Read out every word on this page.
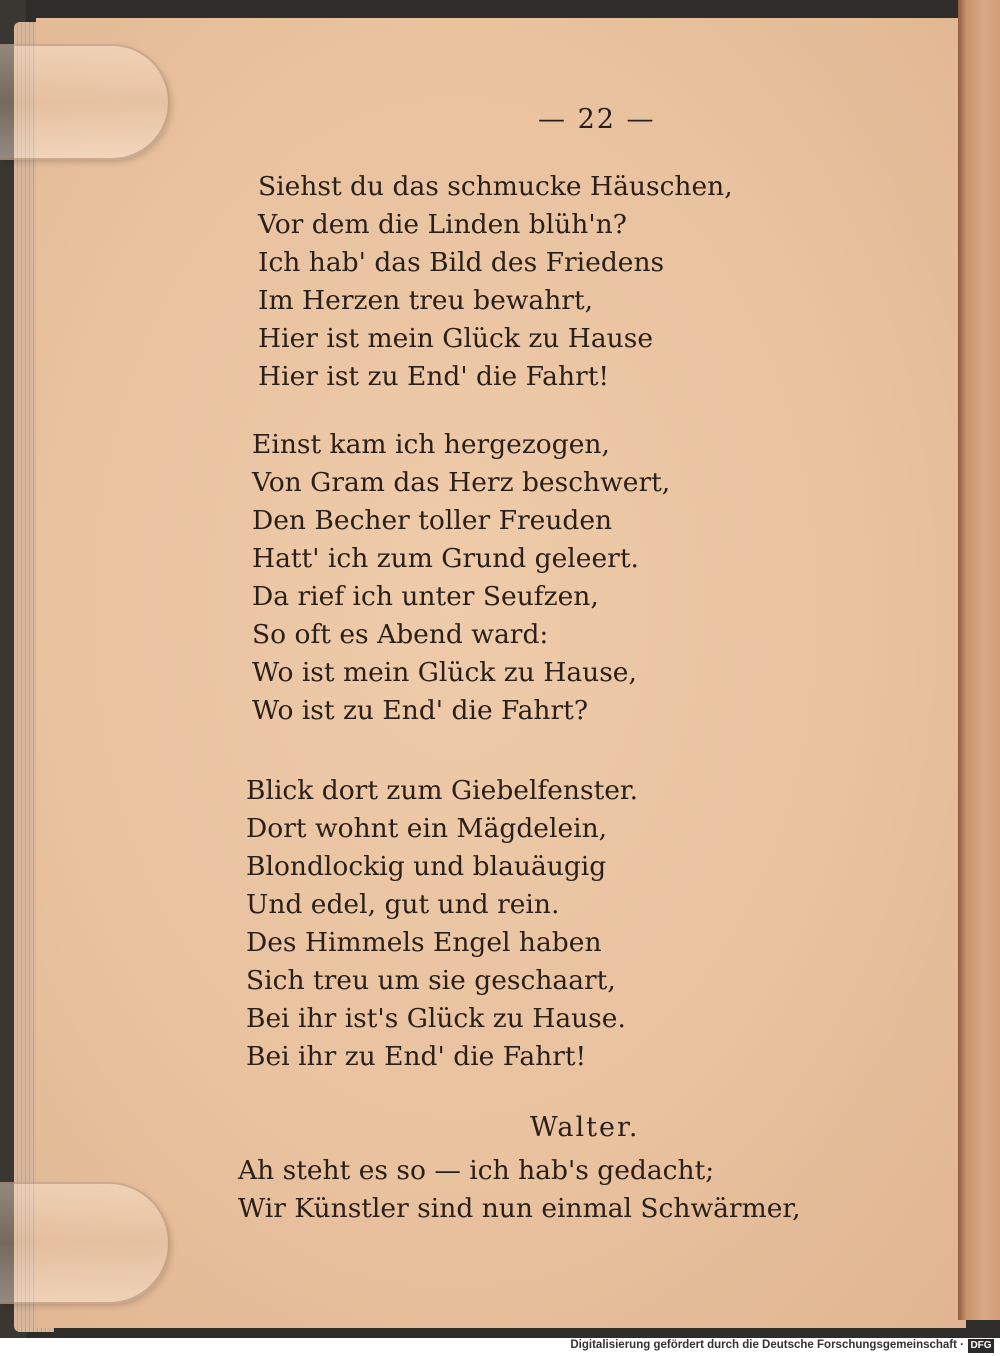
— 22 —
Siehst du das schmucke Häuschen,
Vor dem die Linden blüh'n?
Ich hab' das Bild des Friedens
Im Herzen treu bewahrt,
Hier ist mein Glück zu Hause
Hier ist zu End' die Fahrt!
Einst kam ich hergezogen,
Von Gram das Herz beschwert,
Den Becher toller Freuden
Hatt' ich zum Grund geleert.
Da rief ich unter Seufzen,
So oft es Abend ward:
Wo ist mein Glück zu Hause,
Wo ist zu End' die Fahrt?
Blick dort zum Giebelfenster.
Dort wohnt ein Mägdelein,
Blondlockig und blauäugig
Und edel, gut und rein.
Des Himmels Engel haben
Sich treu um sie geschaart,
Bei ihr ist's Glück zu Hause.
Bei ihr zu End' die Fahrt!
Walter.
Ah steht es so — ich hab's gedacht;
Wir Künstler sind nun einmal Schwärmer,
Digitalisierung gefördert durch die Deutsche Forschungsgemeinschaft · DFG
